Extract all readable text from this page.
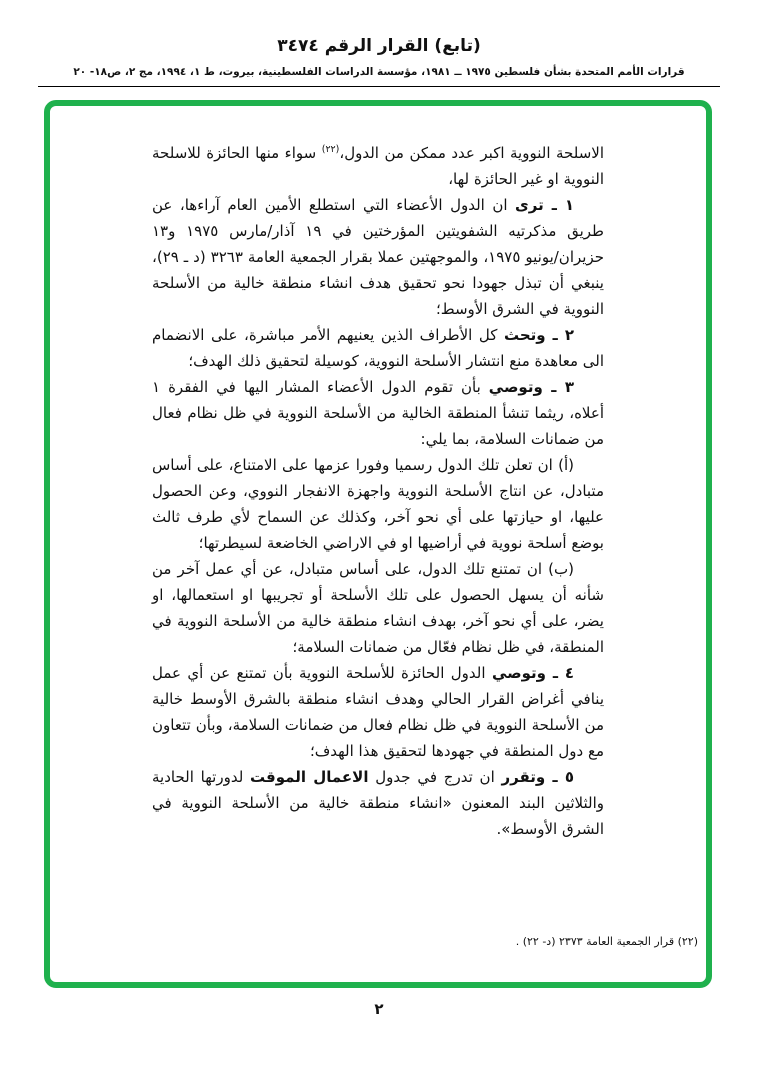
(تابع) القرار الرقم ٣٤٧٤
قرارات الأمم المتحدة بشأن فلسطين ١٩٧٥ ــ ١٩٨١، مؤسسة الدراسات الفلسطينية، بيروت، ط ١، ١٩٩٤، مج ٢، ص١٨- ٢٠

الاسلحة النووية اكبر عدد ممكن من الدول،$^{(٢٢)}$ سواء منها الحائزة للاسلحة النووية او غير الحائزة لها،

١ ـ ترى ان الدول الأعضاء التي استطلع الأمين العام آراءها، عن طريق مذكرتيه الشفويتين المؤرختين في ١٩ آذار/مارس ١٩٧٥ و١٣ حزيران/يونيو ١٩٧٥، والموجهتين عملا بقرار الجمعية العامة ٣٢٦٣ (د ـ ٢٩)، ينبغي أن تبذل جهودا نحو تحقيق هدف انشاء منطقة خالية من الأسلحة النووية في الشرق الأوسط؛

٢ ـ وتحث كل الأطراف الذين يعنيهم الأمر مباشرة، على الانضمام الى معاهدة منع انتشار الأسلحة النووية، كوسيلة لتحقيق ذلك الهدف؛

٣ ـ وتوصي بأن تقوم الدول الأعضاء المشار اليها في الفقرة ١ أعلاه، ريثما تنشأ المنطقة الخالية من الأسلحة النووية في ظل نظام فعال من ضمانات السلامة، بما يلي:

(أ) ان تعلن تلك الدول رسميا وفورا عزمها على الامتناع، على أساس متبادل، عن انتاج الأسلحة النووية واجهزة الانفجار النووي، وعن الحصول عليها، او حيازتها على أي نحو آخر، وكذلك عن السماح لأي طرف ثالث بوضع أسلحة نووية في أراضيها او في الاراضي الخاضعة لسيطرتها؛

(ب) ان تمتنع تلك الدول، على أساس متبادل، عن أي عمل آخر من شأنه أن يسهل الحصول على تلك الأسلحة أو تجريبها او استعمالها، او يضر، على أي نحو آخر، بهدف انشاء منطقة خالية من الأسلحة النووية في المنطقة، في ظل نظام فعّال من ضمانات السلامة؛

٤ ـ وتوصي الدول الحائزة للأسلحة النووية بأن تمتنع عن أي عمل ينافي أغراض القرار الحالي وهدف انشاء منطقة بالشرق الأوسط خالية من الأسلحة النووية في ظل نظام فعال من ضمانات السلامة، وبأن تتعاون مع دول المنطقة في جهودها لتحقيق هذا الهدف؛

٥ ـ وتقرر ان تدرج في جدول الاعمال الموقت لدورتها الحادية والثلاثين البند المعنون «انشاء منطقة خالية من الأسلحة النووية في الشرق الأوسط».

(٢٢) قرار الجمعية العامة ٢٣٧٣ (د- ٢٢) .
٢
